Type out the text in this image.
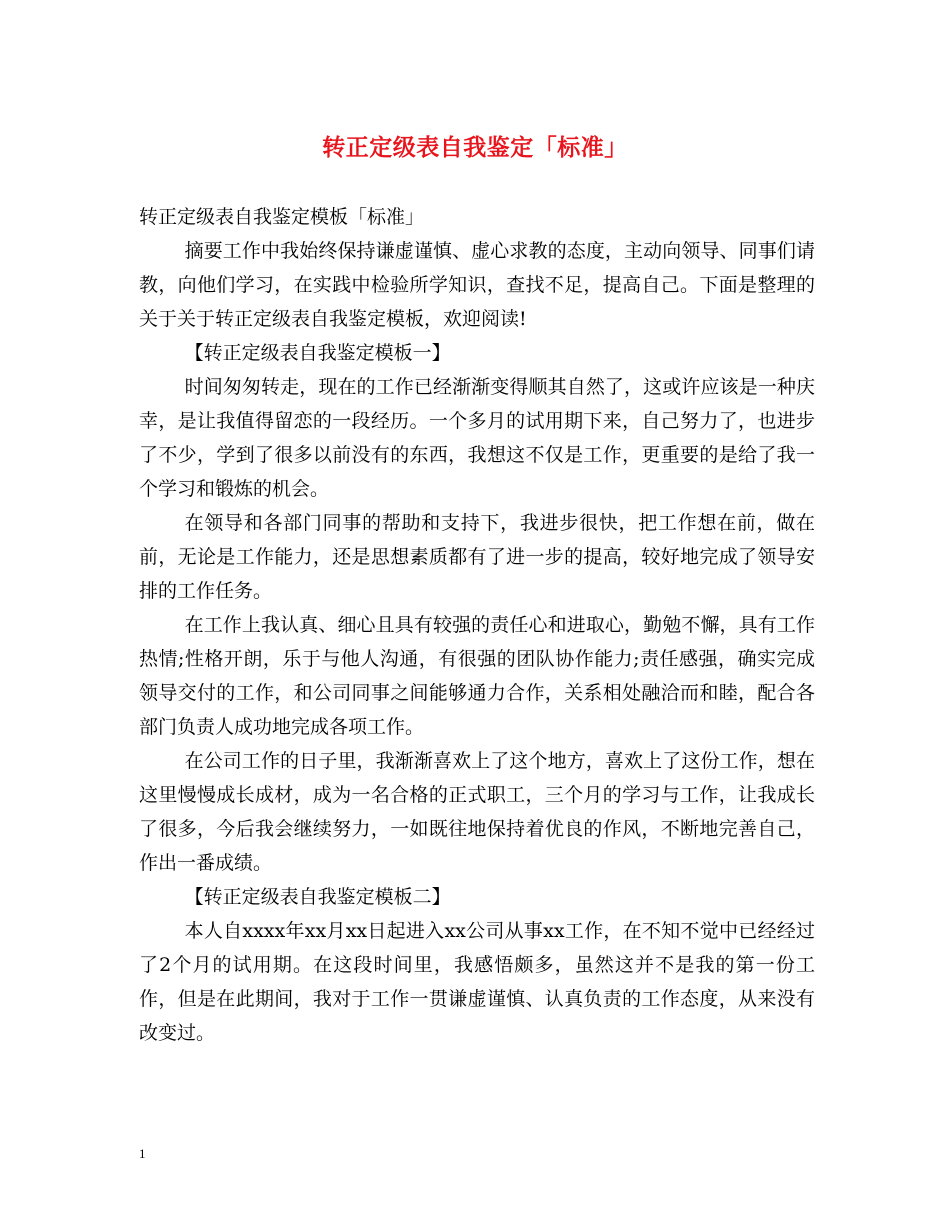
转正定级表自我鉴定「标准」

转正定级表自我鉴定模板「标准」

摘要工作中我始终保持谦虚谨慎、虚心求教的态度，主动向领导、同事们请教，向他们学习，在实践中检验所学知识，查找不足，提高自己。下面是整理的关于关于转正定级表自我鉴定模板，欢迎阅读!

【转正定级表自我鉴定模板一】

时间匆匆转走，现在的工作已经渐渐变得顺其自然了，这或许应该是一种庆幸，是让我值得留恋的一段经历。一个多月的试用期下来，自己努力了，也进步了不少，学到了很多以前没有的东西，我想这不仅是工作，更重要的是给了我一个学习和锻炼的机会。

在领导和各部门同事的帮助和支持下，我进步很快，把工作想在前，做在前，无论是工作能力，还是思想素质都有了进一步的提高，较好地完成了领导安排的工作任务。

在工作上我认真、细心且具有较强的责任心和进取心，勤勉不懈，具有工作热情;性格开朗，乐于与他人沟通，有很强的团队协作能力;责任感强，确实完成领导交付的工作，和公司同事之间能够通力合作，关系相处融洽而和睦，配合各部门负责人成功地完成各项工作。

在公司工作的日子里，我渐渐喜欢上了这个地方，喜欢上了这份工作，想在这里慢慢成长成材，成为一名合格的正式职工，三个月的学习与工作，让我成长了很多，今后我会继续努力，一如既往地保持着优良的作风，不断地完善自己，作出一番成绩。

【转正定级表自我鉴定模板二】

本人自xxxx年xx月xx日起进入xx公司从事xx工作，在不知不觉中已经经过了2个月的试用期。在这段时间里，我感悟颇多，虽然这并不是我的第一份工作，但是在此期间，我对于工作一贯谦虚谨慎、认真负责的工作态度，从来没有改变过。

1
